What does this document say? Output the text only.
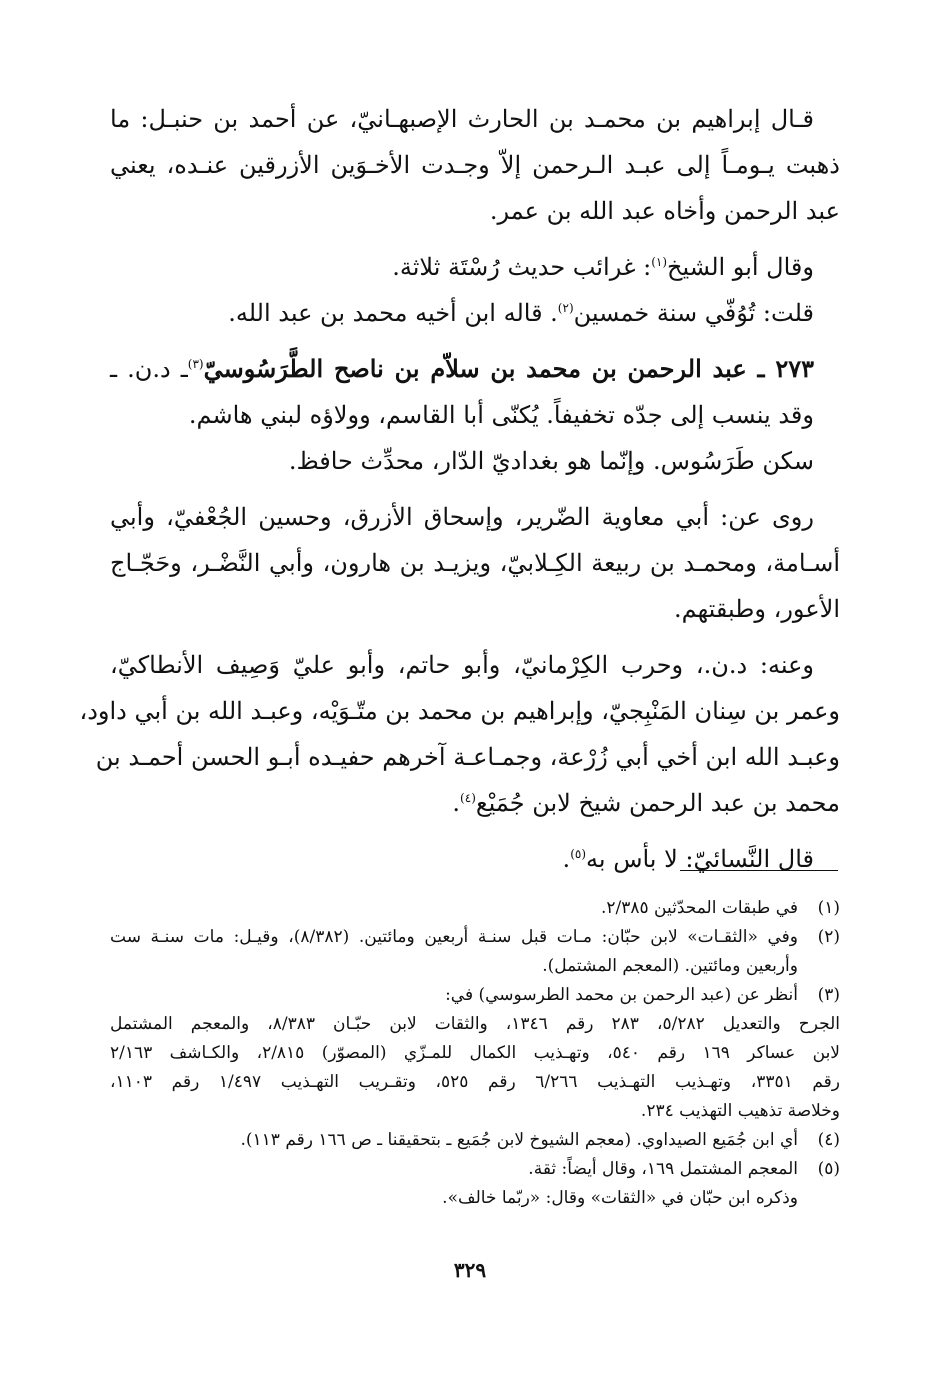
قـال إبراهيم بن محمـد بن الحارث الإصبهـانيّ، عن أحمد بن حنبـل: ما
ذهبت يـومـاً إلى عبـد الـرحمن إلاّ وجـدت الأخـوَين الأزرقين عنـده، يعني
عبد الرحمن وأخاه عبد الله بن عمر.
وقال أبو الشيخ$^{(١)}$: غرائب حديث رُسْتَة ثلاثة.
قلت: تُوُفّي سنة خمسين$^{(٢)}$. قاله ابن أخيه محمد بن عبد الله.
٢٧٣ ـ عبد الرحمن بن محمد بن سلاّم بن ناصح الطَّرَسُوسيّ$^{(٣)}$ـ د.ن. ـ
وقد ينسب إلى جدّه تخفيفاً. يُكنّى أبا القاسم، وولاؤه لبني هاشم.
سكن طَرَسُوس. وإنّما هو بغداديّ الدّار، محدِّث حافظ.
روى عن: أبي معاوية الضّرير، وإسحاق الأزرق، وحسين الجُعْفيّ، وأبي
أسـامة، ومحمـد بن ربيعة الكِـلابيّ، ويزيـد بن هارون، وأبي النَّضْـر، وحَجّـاج
الأعور، وطبقتهم.
وعنه: د.ن.، وحرب الكِرْمانيّ، وأبو حاتم، وأبو عليّ وَصِيف الأنطاكيّ،
وعمر بن سِنان المَنْبِجيّ، وإبراهيم بن محمد بن متّـوَيْه، وعبـد الله بن أبي داود،
وعبـد الله ابن أخي أبي زُرْعة، وجمـاعـة آخرهم حفيـده أبـو الحسن أحمـد بن
محمد بن عبد الرحمن شيخ لابن جُمَيْع$^{(٤)}$.
قال النَّسائيّ: لا بأس به$^{(٥)}$.
(١)
في طبقات المحدّثين ٢/٣٨٥.
(٢)
وفي «الثقـات» لابن حبّان: مـات قبل سنـة أربعين ومائتين. (٨/٣٨٢)، وقيـل: مات سنـة ست
وأربعين ومائتين. (المعجم المشتمل).
(٣)
أنظر عن (عبد الرحمن بن محمد الطرسوسي) في:
الجرح والتعديل ٥/٢٨٢، ٢٨٣ رقم ١٣٤٦، والثقات لابن حبّـان ٨/٣٨٣، والمعجم المشتمل
لابن عساكر ١٦٩ رقم ٥٤٠، وتهـذيب الكمال للمـزّي (المصوّر) ٢/٨١٥، والكـاشف ٢/١٦٣
رقم ٣٣٥١، وتهـذيب التهـذيب ٦/٢٦٦ رقم ٥٢٥، وتقـريب التهـذيب ١/٤٩٧ رقم ١١٠٣،
وخلاصة تذهيب التهذيب ٢٣٤.
(٤)
أي ابن جُمَيع الصيداوي. (معجم الشيوخ لابن جُمَيع ـ بتحقيقنا ـ ص ١٦٦ رقم ١١٣).
(٥)
المعجم المشتمل ١٦٩، وقال أيضاً: ثقة.
وذكره ابن حبّان في «الثقات» وقال: «ربّما خالف».
٣٢٩
